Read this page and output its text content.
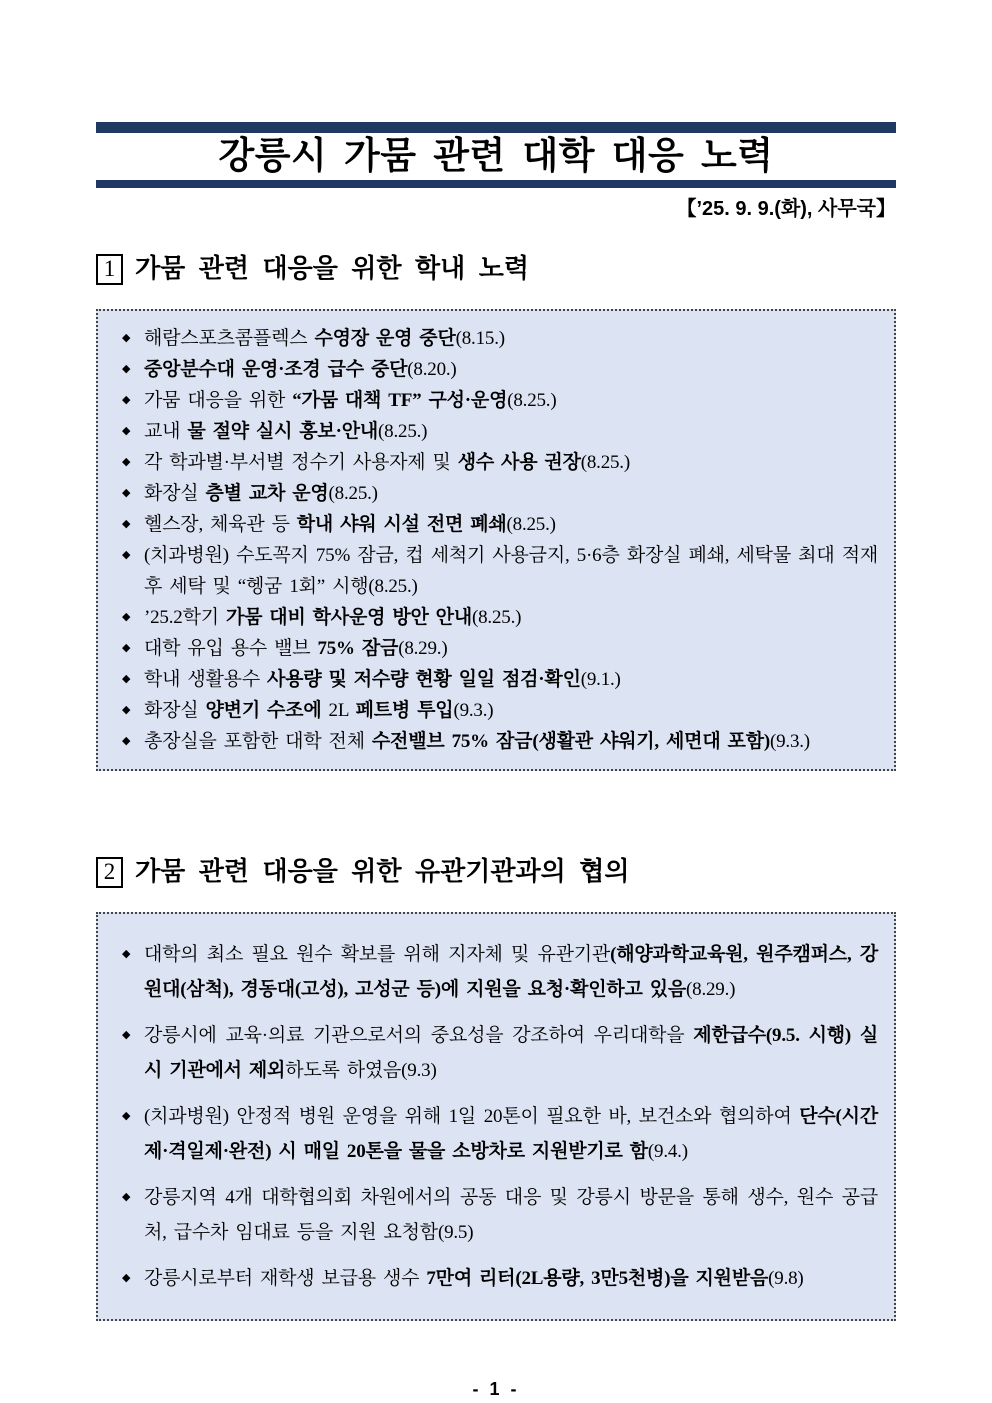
강릉시 가뭄 관련 대학 대응 노력
【’25. 9. 9.(화), 사무국】
1 가뭄 관련 대응을 위한 학내 노력
◆ 해람스포츠콤플렉스 수영장 운영 중단(8.15.)
◆ 중앙분수대 운영·조경 급수 중단(8.20.)
◆ 가뭄 대응을 위한 “가뭄 대책 TF” 구성·운영(8.25.)
◆ 교내 물 절약 실시 홍보·안내(8.25.)
◆ 각 학과별·부서별 정수기 사용자제 및 생수 사용 권장(8.25.)
◆ 화장실 층별 교차 운영(8.25.)
◆ 헬스장, 체육관 등 학내 샤워 시설 전면 폐쇄(8.25.)
◆ (치과병원) 수도꼭지 75% 잠금, 컵 세척기 사용금지, 5·6층 화장실 폐쇄, 세탁물 최대 적재 후 세탁 및 “헹굼 1회” 시행(8.25.)
◆ ’25.2학기 가뭄 대비 학사운영 방안 안내(8.25.)
◆ 대학 유입 용수 밸브 75% 잠금(8.29.)
◆ 학내 생활용수 사용량 및 저수량 현황 일일 점검·확인(9.1.)
◆ 화장실 양변기 수조에 2L 페트병 투입(9.3.)
◆ 총장실을 포함한 대학 전체 수전밸브 75% 잠금(생활관 샤워기, 세면대 포함)(9.3.)
2 가뭄 관련 대응을 위한 유관기관과의 협의
◆ 대학의 최소 필요 원수 확보를 위해 지자체 및 유관기관(해양과학교육원, 원주캠퍼스, 강원대(삼척), 경동대(고성), 고성군 등)에 지원을 요청·확인하고 있음(8.29.)
◆ 강릉시에 교육·의료 기관으로서의 중요성을 강조하여 우리대학을 제한급수(9.5. 시행) 실시 기관에서 제외하도록 하였음(9.3)
◆ (치과병원) 안정적 병원 운영을 위해 1일 20톤이 필요한 바, 보건소와 협의하여 단수(시간제·격일제·완전) 시 매일 20톤을 물을 소방차로 지원받기로 함(9.4.)
◆ 강릉지역 4개 대학협의회 차원에서의 공동 대응 및 강릉시 방문을 통해 생수, 원수 공급처, 급수차 임대료 등을 지원 요청함(9.5)
◆ 강릉시로부터 재학생 보급용 생수 7만여 리터(2L용량, 3만5천병)을 지원받음(9.8)
- 1 -
